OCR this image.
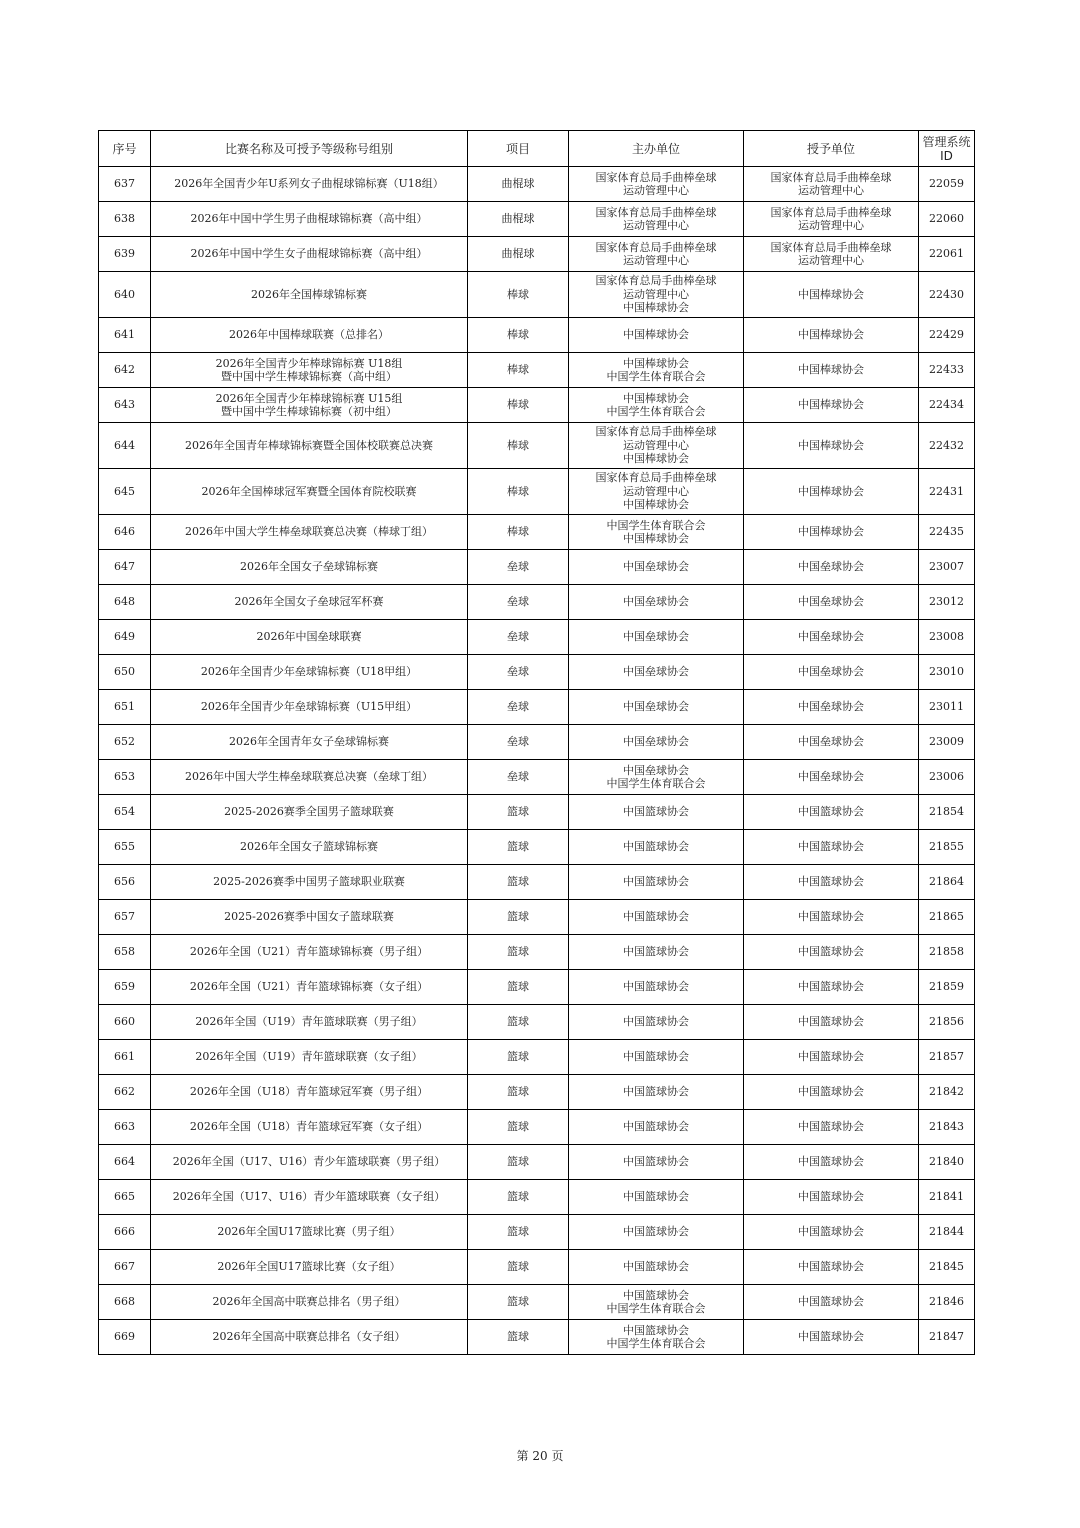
序号	比赛名称及可授予等级称号组别	项目	主办单位	授予单位	管理系统
ID
637	2026年全国青少年U系列女子曲棍球锦标赛（U18组）	曲棍球	国家体育总局手曲棒垒球
运动管理中心	国家体育总局手曲棒垒球
运动管理中心	22059
638	2026年中国中学生男子曲棍球锦标赛（高中组）	曲棍球	国家体育总局手曲棒垒球
运动管理中心	国家体育总局手曲棒垒球
运动管理中心	22060
639	2026年中国中学生女子曲棍球锦标赛（高中组）	曲棍球	国家体育总局手曲棒垒球
运动管理中心	国家体育总局手曲棒垒球
运动管理中心	22061
640	2026年全国棒球锦标赛	棒球	国家体育总局手曲棒垒球
运动管理中心
中国棒球协会	中国棒球协会	22430
641	2026年中国棒球联赛（总排名）	棒球	中国棒球协会	中国棒球协会	22429
642	2026年全国青少年棒球锦标赛 U18组
暨中国中学生棒球锦标赛（高中组）	棒球	中国棒球协会
中国学生体育联合会	中国棒球协会	22433
643	2026年全国青少年棒球锦标赛 U15组
暨中国中学生棒球锦标赛（初中组）	棒球	中国棒球协会
中国学生体育联合会	中国棒球协会	22434
644	2026年全国青年棒球锦标赛暨全国体校联赛总决赛	棒球	国家体育总局手曲棒垒球
运动管理中心
中国棒球协会	中国棒球协会	22432
645	2026年全国棒球冠军赛暨全国体育院校联赛	棒球	国家体育总局手曲棒垒球
运动管理中心
中国棒球协会	中国棒球协会	22431
646	2026年中国大学生棒垒球联赛总决赛（棒球丁组）	棒球	中国学生体育联合会
中国棒球协会	中国棒球协会	22435
647	2026年全国女子垒球锦标赛	垒球	中国垒球协会	中国垒球协会	23007
648	2026年全国女子垒球冠军杯赛	垒球	中国垒球协会	中国垒球协会	23012
649	2026年中国垒球联赛	垒球	中国垒球协会	中国垒球协会	23008
650	2026年全国青少年垒球锦标赛（U18甲组）	垒球	中国垒球协会	中国垒球协会	23010
651	2026年全国青少年垒球锦标赛（U15甲组）	垒球	中国垒球协会	中国垒球协会	23011
652	2026年全国青年女子垒球锦标赛	垒球	中国垒球协会	中国垒球协会	23009
653	2026年中国大学生棒垒球联赛总决赛（垒球丁组）	垒球	中国垒球协会
中国学生体育联合会	中国垒球协会	23006
654	2025-2026赛季全国男子篮球联赛	篮球	中国篮球协会	中国篮球协会	21854
655	2026年全国女子篮球锦标赛	篮球	中国篮球协会	中国篮球协会	21855
656	2025-2026赛季中国男子篮球职业联赛	篮球	中国篮球协会	中国篮球协会	21864
657	2025-2026赛季中国女子篮球联赛	篮球	中国篮球协会	中国篮球协会	21865
658	2026年全国（U21）青年篮球锦标赛（男子组）	篮球	中国篮球协会	中国篮球协会	21858
659	2026年全国（U21）青年篮球锦标赛（女子组）	篮球	中国篮球协会	中国篮球协会	21859
660	2026年全国（U19）青年篮球联赛（男子组）	篮球	中国篮球协会	中国篮球协会	21856
661	2026年全国（U19）青年篮球联赛（女子组）	篮球	中国篮球协会	中国篮球协会	21857
662	2026年全国（U18）青年篮球冠军赛（男子组）	篮球	中国篮球协会	中国篮球协会	21842
663	2026年全国（U18）青年篮球冠军赛（女子组）	篮球	中国篮球协会	中国篮球协会	21843
664	2026年全国（U17、U16）青少年篮球联赛（男子组）	篮球	中国篮球协会	中国篮球协会	21840
665	2026年全国（U17、U16）青少年篮球联赛（女子组）	篮球	中国篮球协会	中国篮球协会	21841
666	2026年全国U17篮球比赛（男子组）	篮球	中国篮球协会	中国篮球协会	21844
667	2026年全国U17篮球比赛（女子组）	篮球	中国篮球协会	中国篮球协会	21845
668	2026年全国高中联赛总排名（男子组）	篮球	中国篮球协会
中国学生体育联合会	中国篮球协会	21846
669	2026年全国高中联赛总排名（女子组）	篮球	中国篮球协会
中国学生体育联合会	中国篮球协会	21847
第 20 页
